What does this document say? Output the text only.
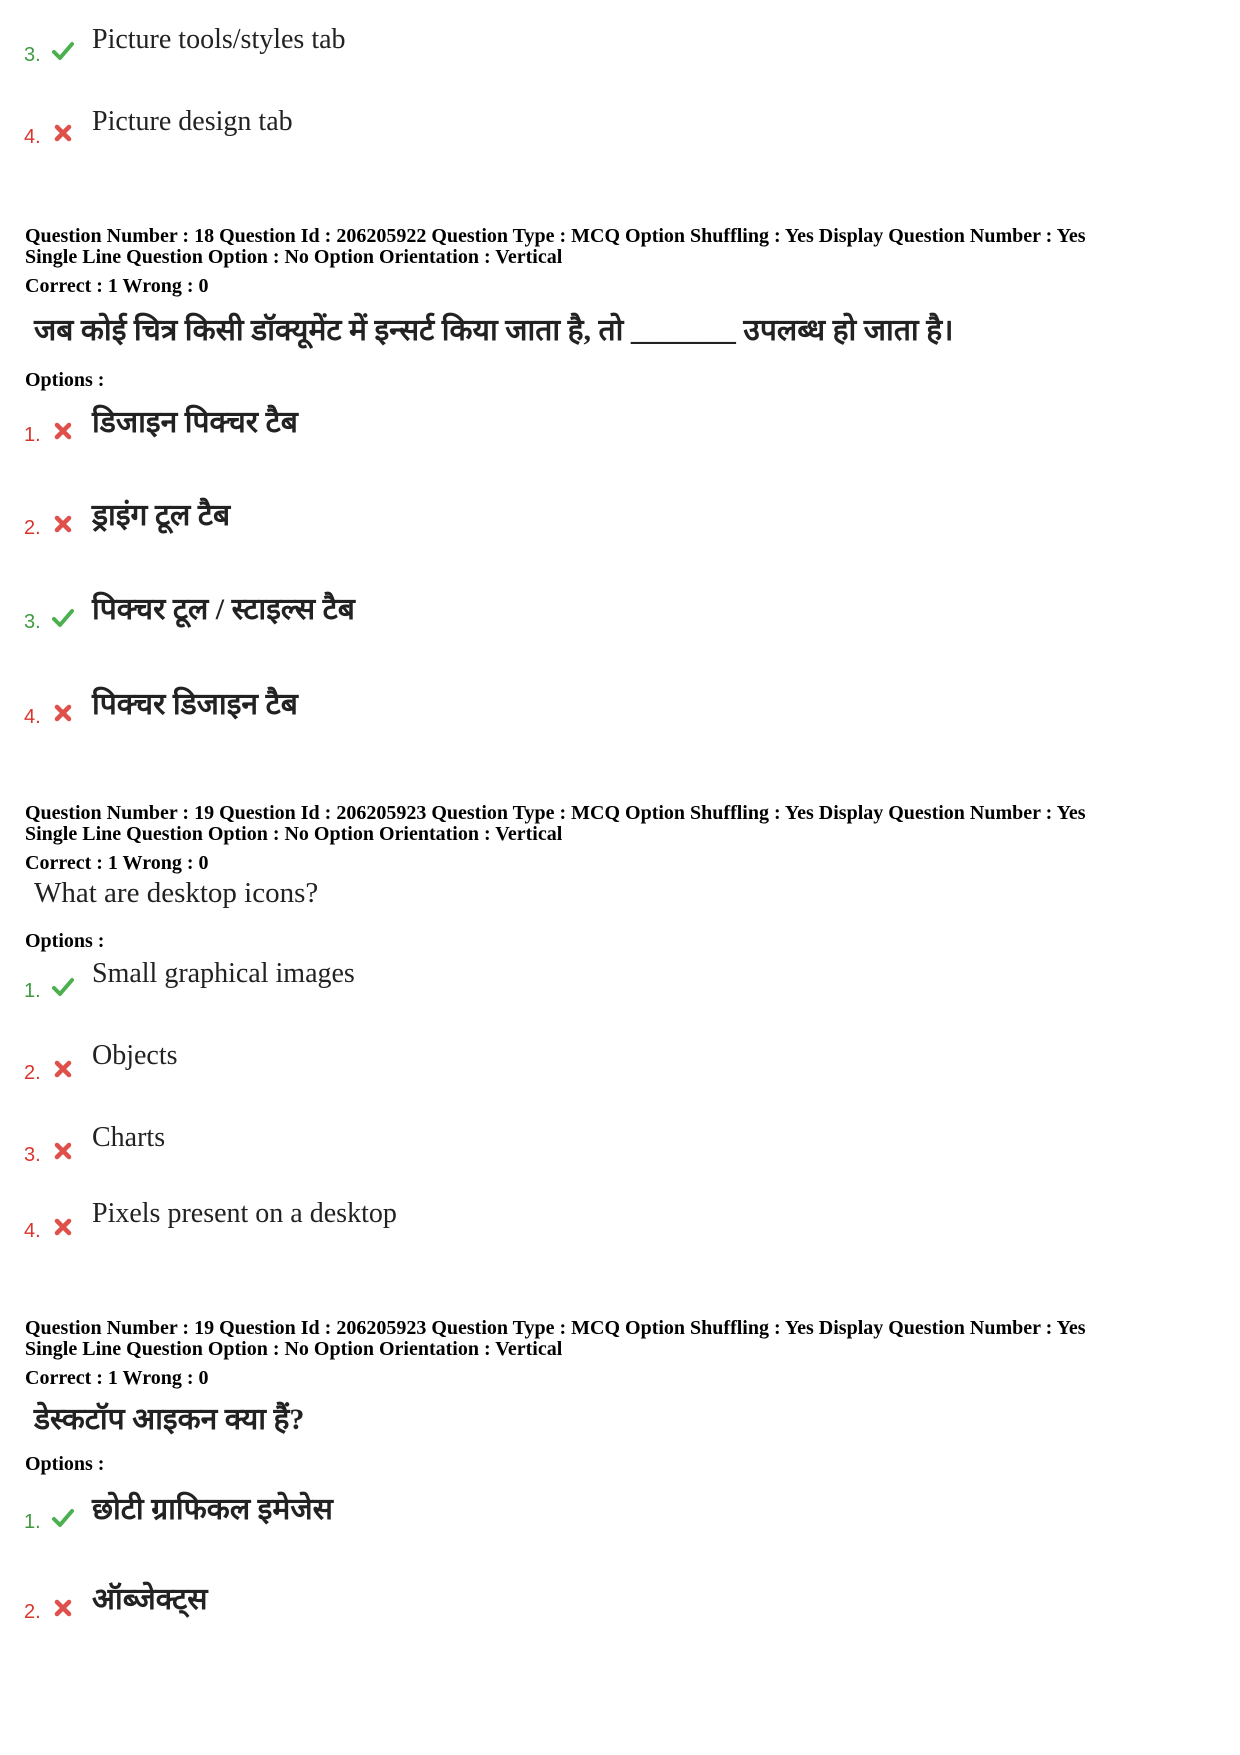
3. Picture tools/styles tab
4. Picture design tab
Question Number : 18 Question Id : 206205922 Question Type : MCQ Option Shuffling : Yes Display Question Number : Yes
Single Line Question Option : No Option Orientation : Vertical
Correct : 1 Wrong : 0
जब कोई चित्र किसी डॉक्यूमेंट में इन्सर्ट किया जाता है, तो _______ उपलब्ध हो जाता है।
Options :
1. डिजाइन पिक्चर टैब
2. ड्राइंग टूल टैब
3. पिक्चर टूल / स्टाइल्स टैब
4. पिक्चर डिजाइन टैब
Question Number : 19 Question Id : 206205923 Question Type : MCQ Option Shuffling : Yes Display Question Number : Yes
Single Line Question Option : No Option Orientation : Vertical
Correct : 1 Wrong : 0
What are desktop icons?
Options :
1.
Small graphical images
2.
Objects
3.
Charts
4.
Pixels present on a desktop
Question Number : 19 Question Id : 206205923 Question Type : MCQ Option Shuffling : Yes Display Question Number : Yes
Single Line Question Option : No Option Orientation : Vertical
Correct : 1 Wrong : 0
डेस्कटॉप आइकन क्या हैं?
Options :
1. छोटी ग्राफिकल इमेजेस
2. ऑब्जेक्ट्स
